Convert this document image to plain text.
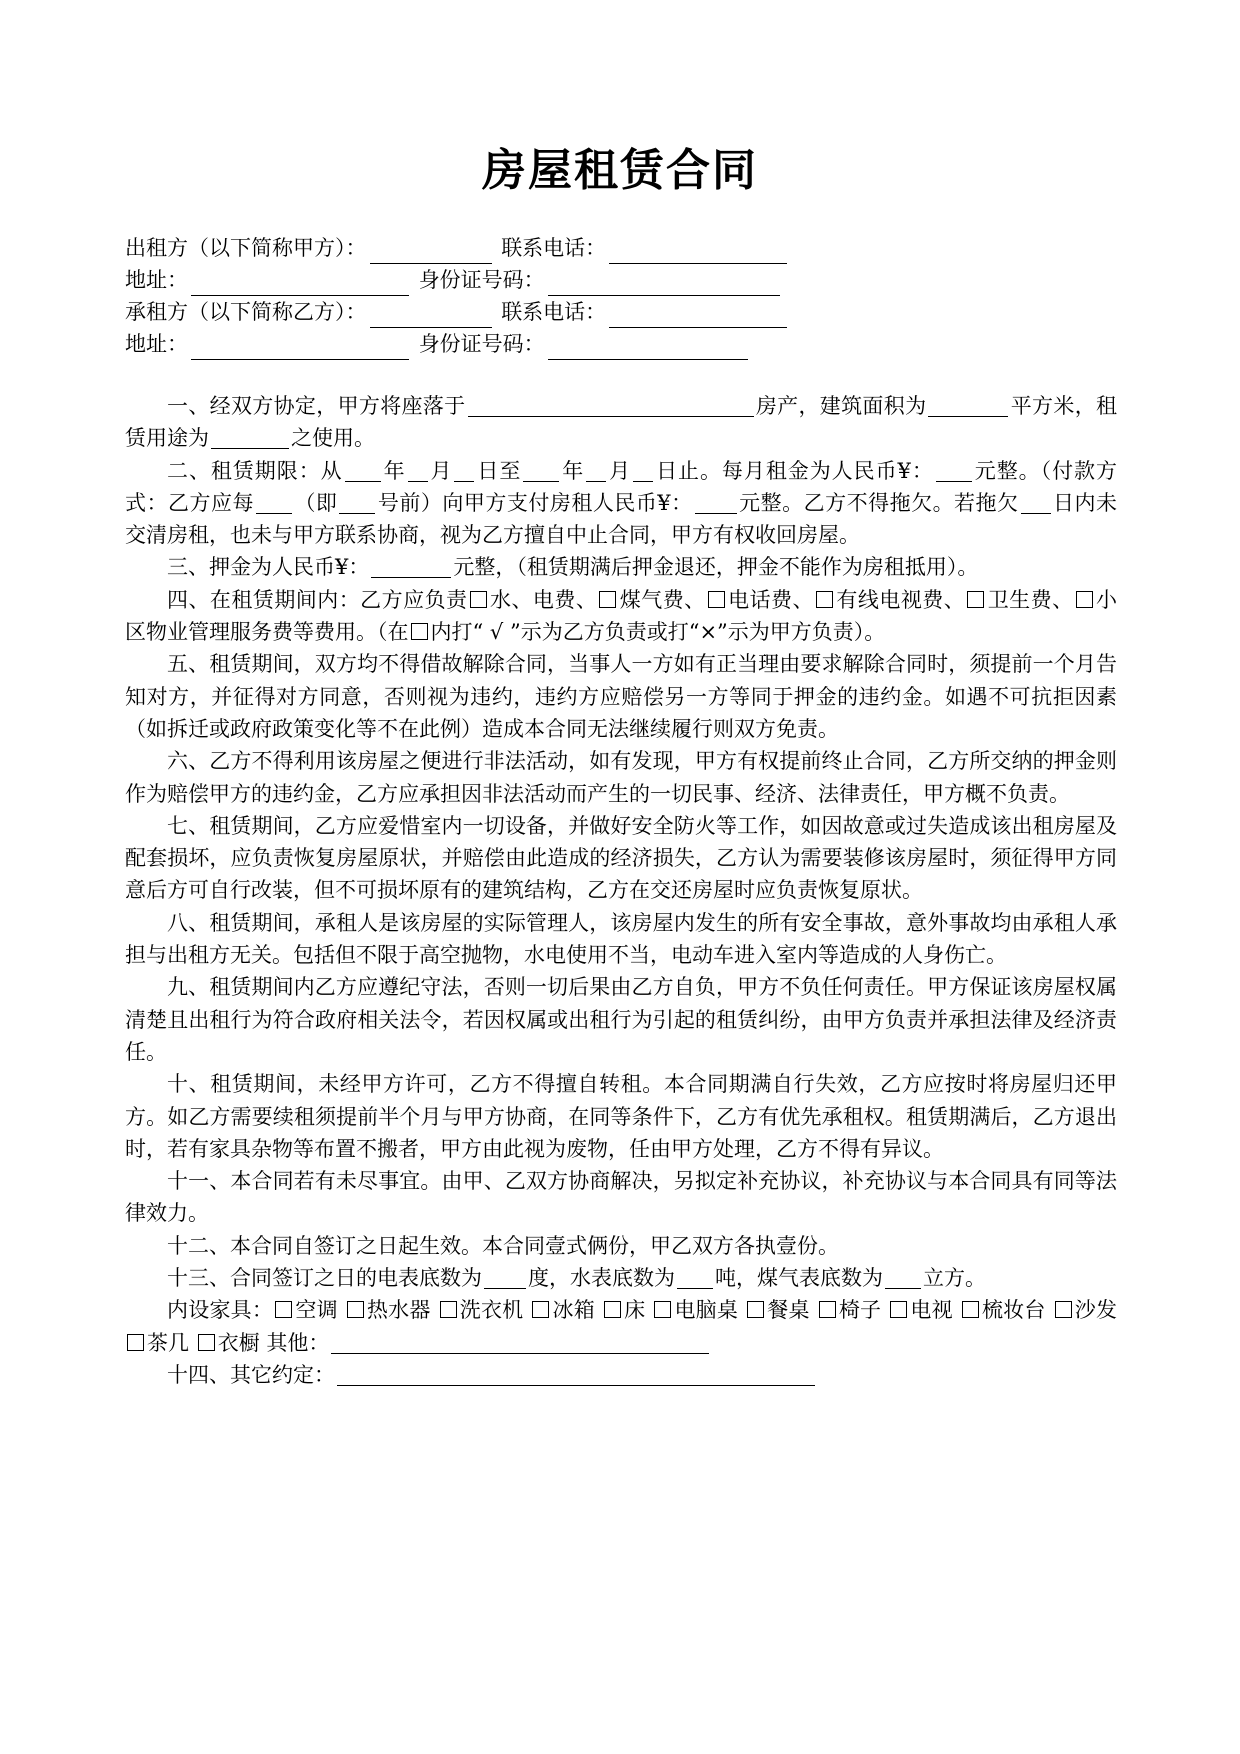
房屋租赁合同
出租方（以下简称甲方）：	联系电话：
地址：	身份证号码：
承租方（以下简称乙方）：	联系电话：
地址：	身份证号码：

一、经双方协定，甲方将座落于	房产，建筑面积为	平方米，租赁用途为	之使用。

二、租赁期限：从 年 月 日至 年 月 日止。每月租金为人民币¥： 元整。（付款方式：乙方应每 （即 号前）向甲方支付房租人民币¥： 元整。乙方不得拖欠。若拖欠 日内未交清房租，也未与甲方联系协商，视为乙方擅自中止合同，甲方有权收回房屋。

三、押金为人民币¥：	元整，（租赁期满后押金退还，押金不能作为房租抵用）。

四、在租赁期间内：乙方应负责 水、电费、 煤气费、 电话费、 有线电视费、 卫生费、 小区物业管理服务费等费用。（在 内打“ √ ”示为乙方负责或打“×”示为甲方负责）。

五、租赁期间，双方均不得借故解除合同，当事人一方如有正当理由要求解除合同时，须提前一个月告知对方，并征得对方同意，否则视为违约，违约方应赔偿另一方等同于押金的违约金。如遇不可抗拒因素（如拆迁或政府政策变化等不在此例）造成本合同无法继续履行则双方免责。

六、乙方不得利用该房屋之便进行非法活动，如有发现，甲方有权提前终止合同，乙方所交纳的押金则作为赔偿甲方的违约金，乙方应承担因非法活动而产生的一切民事、经济、法律责任，甲方概不负责。

七、租赁期间，乙方应爱惜室内一切设备，并做好安全防火等工作，如因故意或过失造成该出租房屋及配套损坏，应负责恢复房屋原状，并赔偿由此造成的经济损失，乙方认为需要装修该房屋时，须征得甲方同意后方可自行改装，但不可损坏原有的建筑结构，乙方在交还房屋时应负责恢复原状。

八、租赁期间，承租人是该房屋的实际管理人，该房屋内发生的所有安全事故，意外事故均由承租人承担与出租方无关。包括但不限于高空抛物，水电使用不当，电动车进入室内等造成的人身伤亡。

九、租赁期间内乙方应遵纪守法，否则一切后果由乙方自负，甲方不负任何责任。甲方保证该房屋权属清楚且出租行为符合政府相关法令，若因权属或出租行为引起的租赁纠纷，由甲方负责并承担法律及经济责任。

十、租赁期间，未经甲方许可，乙方不得擅自转租。本合同期满自行失效，乙方应按时将房屋归还甲方。如乙方需要续租须提前半个月与甲方协商，在同等条件下，乙方有优先承租权。租赁期满后，乙方退出时，若有家具杂物等布置不搬者，甲方由此视为废物，任由甲方处理，乙方不得有异议。

十一、本合同若有未尽事宜。由甲、乙双方协商解决，另拟定补充协议，补充协议与本合同具有同等法律效力。

十二、本合同自签订之日起生效。本合同壹式俩份，甲乙双方各执壹份。

十三、合同签订之日的电表底数为 度，水表底数为 吨，煤气表底数为 立方。

内设家具： 空调 热水器 洗衣机 冰箱 床 电脑桌 餐桌 椅子 电视 梳妆台 沙发 茶几 衣橱 其他：

十四、其它约定：
